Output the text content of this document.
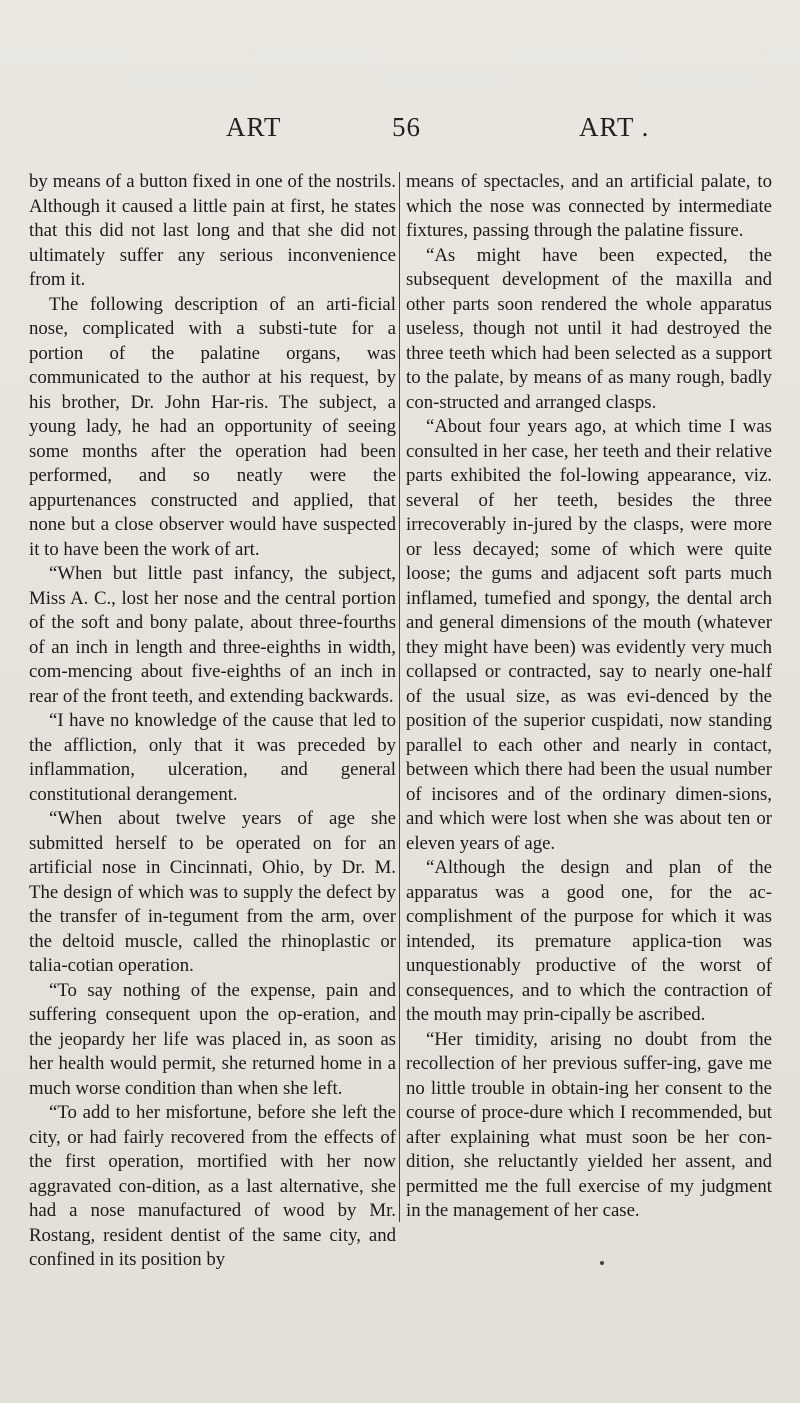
ART	56	ART .

by means of a button fixed in one of the nostrils. Although it caused a little pain at first, he states that this did not last long and that she did not ultimately suffer any serious inconvenience from it.

The following description of an arti-ficial nose, complicated with a substi-tute for a portion of the palatine organs, was communicated to the author at his request, by his brother, Dr. John Har-ris. The subject, a young lady, he had an opportunity of seeing some months after the operation had been performed, and so neatly were the appurtenances constructed and applied, that none but a close observer would have suspected it to have been the work of art.

“When but little past infancy, the subject, Miss A. C., lost her nose and the central portion of the soft and bony palate, about three-fourths of an inch in length and three-eighths in width, com-mencing about five-eighths of an inch in rear of the front teeth, and extending backwards.

“I have no knowledge of the cause that led to the affliction, only that it was preceded by inflammation, ulceration, and general constitutional derangement.

“When about twelve years of age she submitted herself to be operated on for an artificial nose in Cincinnati, Ohio, by Dr. M. The design of which was to supply the defect by the transfer of in-tegument from the arm, over the deltoid muscle, called the rhinoplastic or talia-cotian operation.

“To say nothing of the expense, pain and suffering consequent upon the op-eration, and the jeopardy her life was placed in, as soon as her health would permit, she returned home in a much worse condition than when she left.

“To add to her misfortune, before she left the city, or had fairly recovered from the effects of the first operation, mortified with her now aggravated con-dition, as a last alternative, she had a nose manufactured of wood by Mr. Rostang, resident dentist of the same city, and confined in its position by

means of spectacles, and an artificial palate, to which the nose was connected by intermediate fixtures, passing through the palatine fissure.

“As might have been expected, the subsequent development of the maxilla and other parts soon rendered the whole apparatus useless, though not until it had destroyed the three teeth which had been selected as a support to the palate, by means of as many rough, badly con-structed and arranged clasps.

“About four years ago, at which time I was consulted in her case, her teeth and their relative parts exhibited the fol-lowing appearance, viz. several of her teeth, besides the three irrecoverably in-jured by the clasps, were more or less decayed; some of which were quite loose; the gums and adjacent soft parts much inflamed, tumefied and spongy, the dental arch and general dimensions of the mouth (whatever they might have been) was evidently very much collapsed or contracted, say to nearly one-half of the usual size, as was evi-denced by the position of the superior cuspidati, now standing parallel to each other and nearly in contact, between which there had been the usual number of incisores and of the ordinary dimen-sions, and which were lost when she was about ten or eleven years of age.

“Although the design and plan of the apparatus was a good one, for the ac-complishment of the purpose for which it was intended, its premature applica-tion was unquestionably productive of the worst of consequences, and to which the contraction of the mouth may prin-cipally be ascribed.

“Her timidity, arising no doubt from the recollection of her previous suffer-ing, gave me no little trouble in obtain-ing her consent to the course of proce-dure which I recommended, but after explaining what must soon be her con-dition, she reluctantly yielded her assent, and permitted me the full exercise of my judgment in the management of her case.
